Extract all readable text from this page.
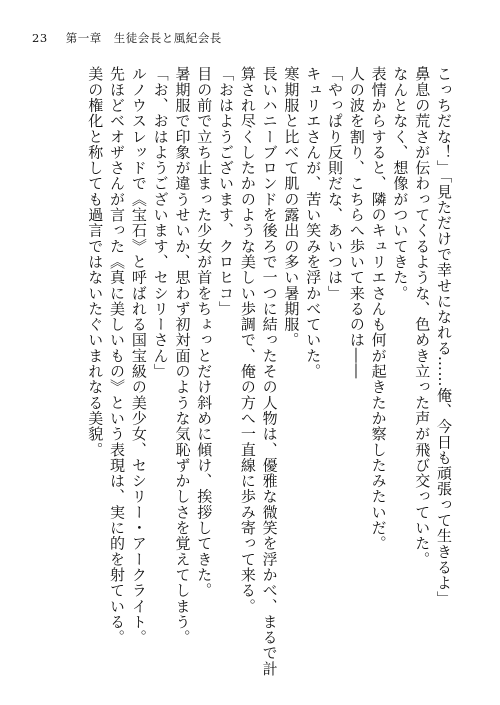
23 第一章　生徒会長と風紀会長
こっちだな！」「見ただけで幸せになれる……俺、今日も頑張って生きるよ」
鼻息の荒さが伝わってくるような、色めき立った声が飛び交っていた。
なんとなく、想像がついてきた。
表情からすると、隣のキュリエさんも何が起きたか察したみたいだ。
人の波を割り、こちらへ歩いて来るのは――
「やっぱり反則だな、あいつは」
キュリエさんが、苦い笑みを浮かべていた。
寒期服と比べて肌の露出の多い暑期服。
長いハニーブロンドを後ろで一つに結ったその人物は、優雅な微笑を浮かべ、まるで計
算され尽くしたかのような美しい歩調で、俺の方へ一直線に歩み寄って来る。
「おはようございます、クロヒコ」
目の前で立ち止まった少女が首をちょっとだけ斜めに傾け、挨拶してきた。
暑期服で印象が違うせいか、思わず初対面のような気恥ずかしさを覚えてしまう。
「お、おはようございます、セシリーさん」
ルノウスレッドで《宝石》と呼ばれる国宝級の美少女、セシリー・アークライト。
先ほどベオザさんが言った《真に美しいもの》という表現は、実に的を射ている。
美の権化と称しても過言ではないたぐいまれなる美貌。
